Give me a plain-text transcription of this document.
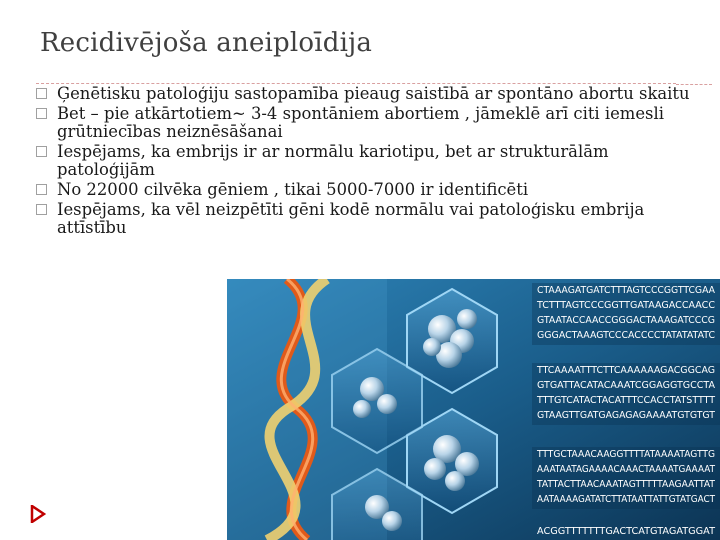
Recidivējoša aneiploīdija
Ģenētisku patoloģiju sastopamība pieaug saistībā ar spontāno abortu skaitu
Bet – pie atkārtotiem~ 3-4 spontāniem abortiem , jāmeklē arī citi iemesli grūtniecības neiznēsāšanai
Iespējams, ka embrijs ir ar normālu kariotipu, bet ar strukturālām patoloģijām
No 22000 cilvēka gēniem , tikai 5000-7000 ir identificēti
Iespējams, ka vēl neizpētīti gēni kodē normālu vai patoloģisku embrija attīstību
CTAAAGATGATCTTTAGTCCCGGTTCGAA
TCTTTAGTCCCGGTTGATAAGACCAACC
GTAATACCAACCGGGACTAAAGATCCCG
GGGACTAAAGTCCCACCCCTATATATATC
TTCAAAATTTCTTCAAAAAAGACGGCAG
GTGATTACATACAAATCGGAGGTGCCTA
TTTGTCATACTACATTTCCACCTATSTTTT
GTAAGTTGATGAGAGAGAAAATGTGTGT
TTTGCTAAACAAGGTTTTATAAAATAGTTG
AAATAATAGAAAACAAACTAAAATGAAAAT
TATTACTTAACAAATAGTTTTTAAGAATTAT
AATAAAAGATATCTTATAATTATTGTATGACT
ACGGTTTTTTTGACTCATGTAGATGGAT
